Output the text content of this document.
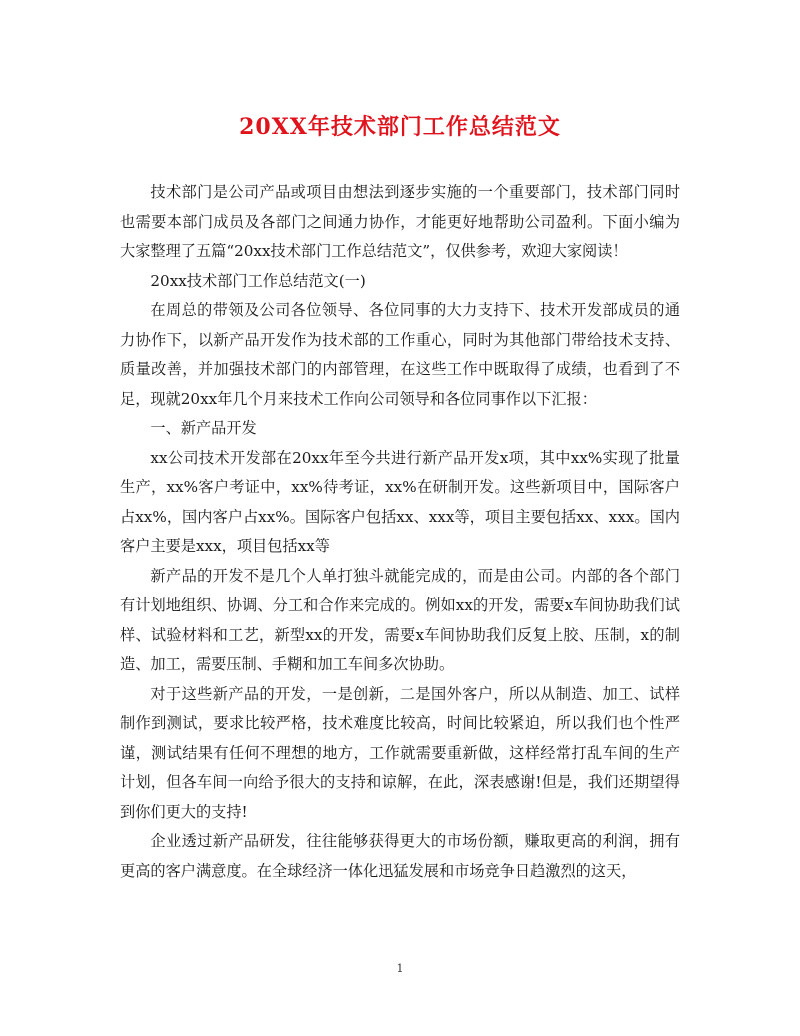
20XX年技术部门工作总结范文

技术部门是公司产品或项目由想法到逐步实施的一个重要部门，技术部门同时也需要本部门成员及各部门之间通力协作，才能更好地帮助公司盈利。下面小编为大家整理了五篇“20xx技术部门工作总结范文”，仅供参考，欢迎大家阅读！

20xx技术部门工作总结范文(一)

在周总的带领及公司各位领导、各位同事的大力支持下、技术开发部成员的通力协作下，以新产品开发作为技术部的工作重心，同时为其他部门带给技术支持、质量改善，并加强技术部门的内部管理，在这些工作中既取得了成绩，也看到了不足，现就20xx年几个月来技术工作向公司领导和各位同事作以下汇报：

一、新产品开发

xx公司技术开发部在20xx年至今共进行新产品开发x项，其中xx%实现了批量生产，xx%客户考证中，xx%待考证，xx%在研制开发。这些新项目中，国际客户占xx%，国内客户占xx%。国际客户包括xx、xxx等，项目主要包括xx、xxx。国内客户主要是xxx，项目包括xx等

新产品的开发不是几个人单打独斗就能完成的，而是由公司。内部的各个部门有计划地组织、协调、分工和合作来完成的。例如xx的开发，需要x车间协助我们试样、试验材料和工艺，新型xx的开发，需要x车间协助我们反复上胶、压制，x的制造、加工，需要压制、手糊和加工车间多次协助。

对于这些新产品的开发，一是创新，二是国外客户，所以从制造、加工、试样制作到测试，要求比较严格，技术难度比较高，时间比较紧迫，所以我们也个性严谨，测试结果有任何不理想的地方，工作就需要重新做，这样经常打乱车间的生产计划，但各车间一向给予很大的支持和谅解，在此，深表感谢!但是，我们还期望得到你们更大的支持!

企业透过新产品研发，往往能够获得更大的市场份额，赚取更高的利润，拥有更高的客户满意度。在全球经济一体化迅猛发展和市场竞争日趋激烈的这天，

1
